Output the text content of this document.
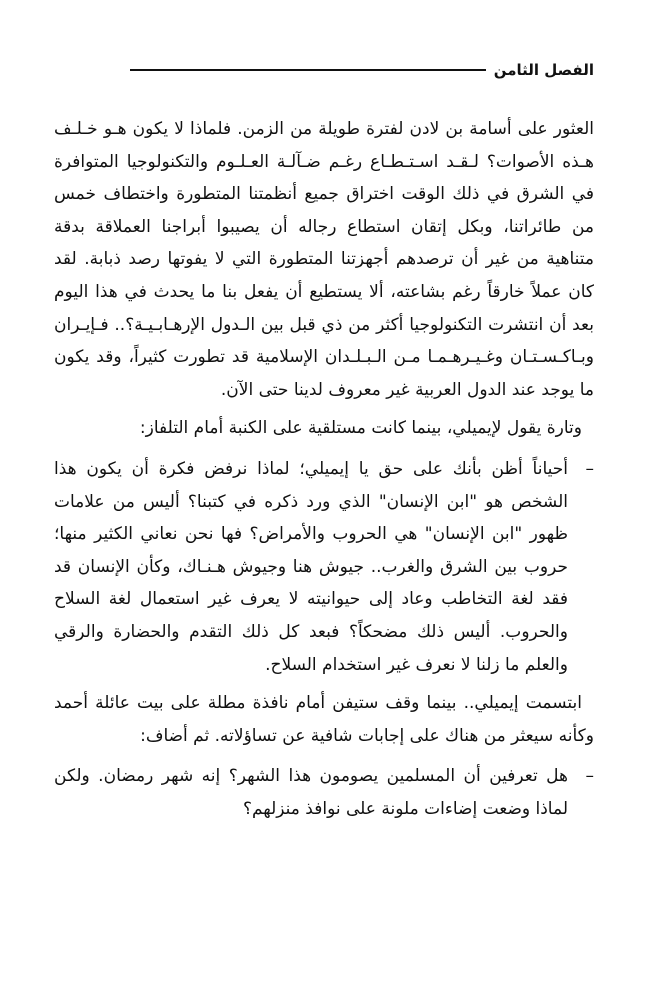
الفصل الثامن

العثور على أسامة بن لادن لفترة طويلة من الزمن. فلماذا لا يكون هـو خـلـف هـذه الأصوات؟ لـقـد اسـتـطـاع رغـم ضـآلـة العـلـوم والتكنولوجيا المتوافرة في الشرق في ذلك الوقت اختراق جميع أنظمتنا المتطورة واختطاف خمس من طائراتنا، وبكل إتقان استطاع رجاله أن يصيبوا أبراجنا العملاقة بدقة متناهية من غير أن ترصدهم أجهزتنا المتطورة التي لا يفوتها رصد ذبابة. لقد كان عملاً خارقاً رغم بشاعته، ألا يستطيع أن يفعل بنا ما يحدث في هذا اليوم بعد أن انتشرت التكنولوجيا أكثر من ذي قبل بين الـدول الإرهـابـيـة؟.. فـإيـران وبـاكـسـتـان وغـيـرهـمـا مـن الـبـلـدان الإسلامية قد تطورت كثيراً، وقد يكون ما يوجد عند الدول العربية غير معروف لدينا حتى الآن.

وتارة يقول لإيميلي، بينما كانت مستلقية على الكنبة أمام التلفاز:

–

أحياناً أظن بأنك على حق يا إيميلي؛ لماذا نرفض فكرة أن يكون هذا الشخص هو "ابن الإنسان" الذي ورد ذكره في كتبنا؟ أليس من علامات ظهور "ابن الإنسان" هي الحروب والأمراض؟ فها نحن نعاني الكثير منها؛ حروب بين الشرق والغرب.. جيوش هنا وجيوش هـنـاك، وكأن الإنسان قد فقد لغة التخاطب وعاد إلى حيوانيته لا يعرف غير استعمال لغة السلاح والحروب. أليس ذلك مضحكاً؟ فبعد كل ذلك التقدم والحضارة والرقي والعلم ما زلنا لا نعرف غير استخدام السلاح.

ابتسمت إيميلي.. بينما وقف ستيفن أمام نافذة مطلة على بيت عائلة أحمد وكأنه سيعثر من هناك على إجابات شافية عن تساؤلاته. ثم أضاف:

–

هل تعرفين أن المسلمين يصومون هذا الشهر؟ إنه شهر رمضان. ولكن لماذا وضعت إضاءات ملونة على نوافذ منزلهم؟
